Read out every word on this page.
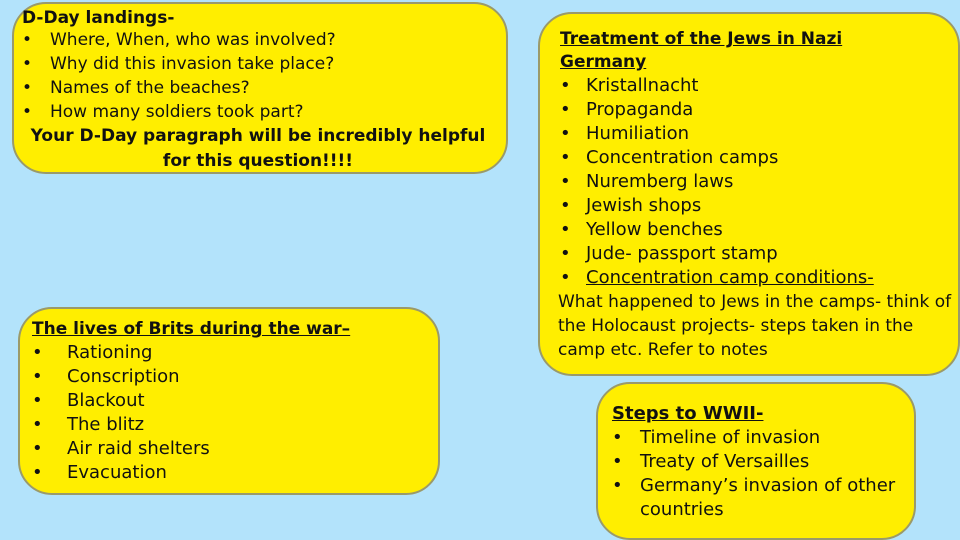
D-Day landings-
• Where, When, who was involved?
• Why did this invasion take place?
• Names of the beaches?
• How many soldiers took part?
Your D-Day paragraph will be incredibly helpful for this question!!!!
Treatment of the Jews in Nazi Germany
• Kristallnacht
• Propaganda
• Humiliation
• Concentration camps
• Nuremberg laws
• Jewish shops
• Yellow benches
• Jude- passport stamp
• Concentration camp conditions-
What happened to Jews in the camps- think of the Holocaust projects- steps taken in the camp etc. Refer to notes
The lives of Brits during the war–
• Rationing
• Conscription
• Blackout
• The blitz
• Air raid shelters
• Evacuation
Steps to WWII-
• Timeline of invasion
• Treaty of Versailles
• Germany’s invasion of other countries
